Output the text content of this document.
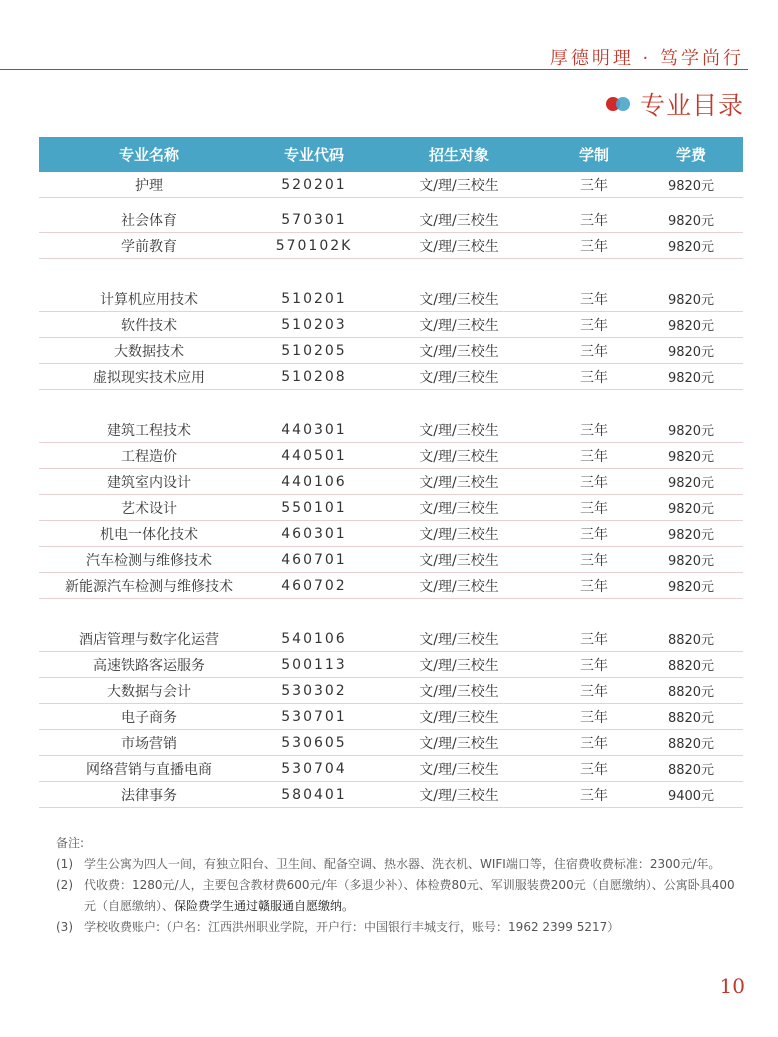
厚德明理 · 笃学尚行
专业目录
专业名称	专业代码	招生对象	学制	学费
护理	520201	文/理/三校生	三年	9820元
社会体育	570301	文/理/三校生	三年	9820元
学前教育	570102K	文/理/三校生	三年	9820元
计算机应用技术	510201	文/理/三校生	三年	9820元
软件技术	510203	文/理/三校生	三年	9820元
大数据技术	510205	文/理/三校生	三年	9820元
虚拟现实技术应用	510208	文/理/三校生	三年	9820元
建筑工程技术	440301	文/理/三校生	三年	9820元
工程造价	440501	文/理/三校生	三年	9820元
建筑室内设计	440106	文/理/三校生	三年	9820元
艺术设计	550101	文/理/三校生	三年	9820元
机电一体化技术	460301	文/理/三校生	三年	9820元
汽车检测与维修技术	460701	文/理/三校生	三年	9820元
新能源汽车检测与维修技术	460702	文/理/三校生	三年	9820元
酒店管理与数字化运营	540106	文/理/三校生	三年	8820元
高速铁路客运服务	500113	文/理/三校生	三年	8820元
大数据与会计	530302	文/理/三校生	三年	8820元
电子商务	530701	文/理/三校生	三年	8820元
市场营销	530605	文/理/三校生	三年	8820元
网络营销与直播电商	530704	文/理/三校生	三年	8820元
法律事务	580401	文/理/三校生	三年	9400元
备注:
(1) 学生公寓为四人一间，有独立阳台、卫生间、配备空调、热水器、洗衣机、WIFI端口等，住宿费收费标准：2300元/年。
(2) 代收费：1280元/人，主要包含教材费600元/年（多退少补）、体检费80元、军训服装费200元（自愿缴纳）、公寓卧具400元（自愿缴纳）、保险费学生通过赣服通自愿缴纳。
(3) 学校收费账户:（户名：江西洪州职业学院，开户行：中国银行丰城支行，账号：1962 2399 5217）
10
